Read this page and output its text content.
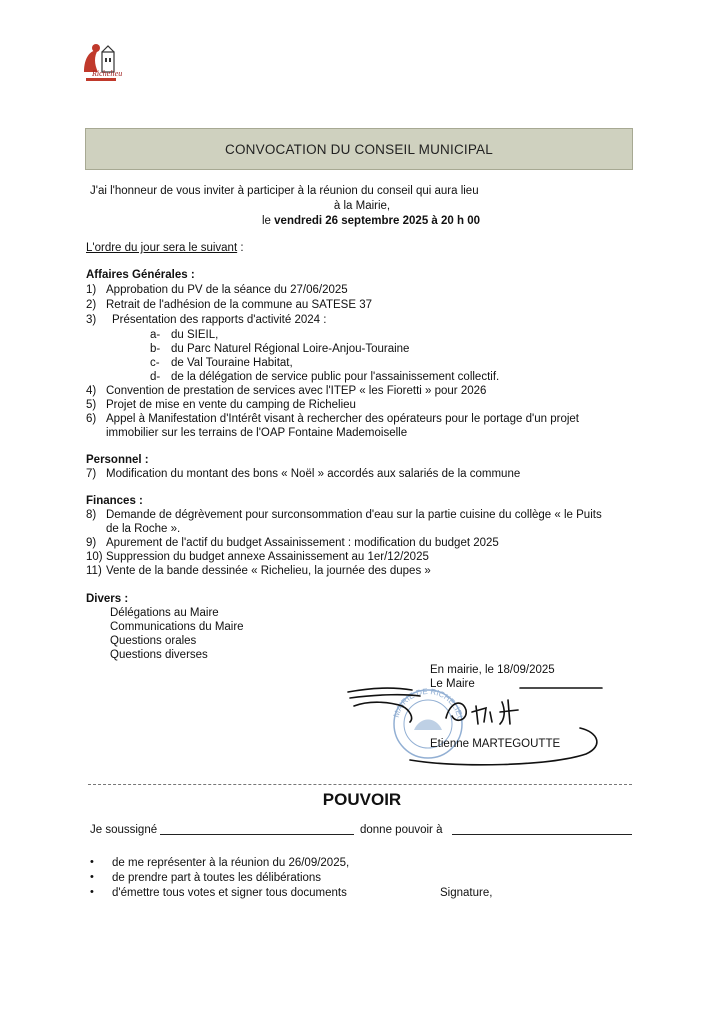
Richelieu
CONVOCATION DU CONSEIL MUNICIPAL
J'ai l'honneur de vous inviter à participer à la réunion du conseil qui aura lieu
à la Mairie,
le vendredi 26 septembre 2025 à 20 h 00
L'ordre du jour sera le suivant :
Affaires Générales :
1) Approbation du PV de la séance du 27/06/2025
2) Retrait de l'adhésion de la commune au SATESE 37
3) Présentation des rapports d'activité 2024 :
a- du SIEIL,
b- du Parc Naturel Régional Loire-Anjou-Touraine
c- de Val Touraine Habitat,
d- de la délégation de service public pour l'assainissement collectif.
4) Convention de prestation de services avec l'ITEP « les Fioretti » pour 2026
5) Projet de mise en vente du camping de Richelieu
6) Appel à Manifestation d'Intérêt visant à rechercher des opérateurs pour le portage d'un projet
immobilier sur les terrains de l'OAP Fontaine Mademoiselle
Personnel :
7) Modification du montant des bons « Noël » accordés aux salariés de la commune
Finances :
8) Demande de dégrèvement pour surconsommation d'eau sur la partie cuisine du collège « le Puits
de la Roche ».
9) Apurement de l'actif du budget Assainissement : modification du budget 2025
10) Suppression du budget annexe Assainissement au 1er/12/2025
11) Vente de la bande dessinée « Richelieu, la journée des dupes »
Divers :
Délégations au Maire
Communications du Maire
Questions orales
Questions diverses
En mairie, le 18/09/2025
MAIRIE DE RICHELIEU
Le Maire
Etienne MARTEGOUTTE
POUVOIR
Je soussigné	donne pouvoir à
• de me représenter à la réunion du 26/09/2025,
• de prendre part à toutes les délibérations
• d'émettre tous votes et signer tous documents	Signature,
